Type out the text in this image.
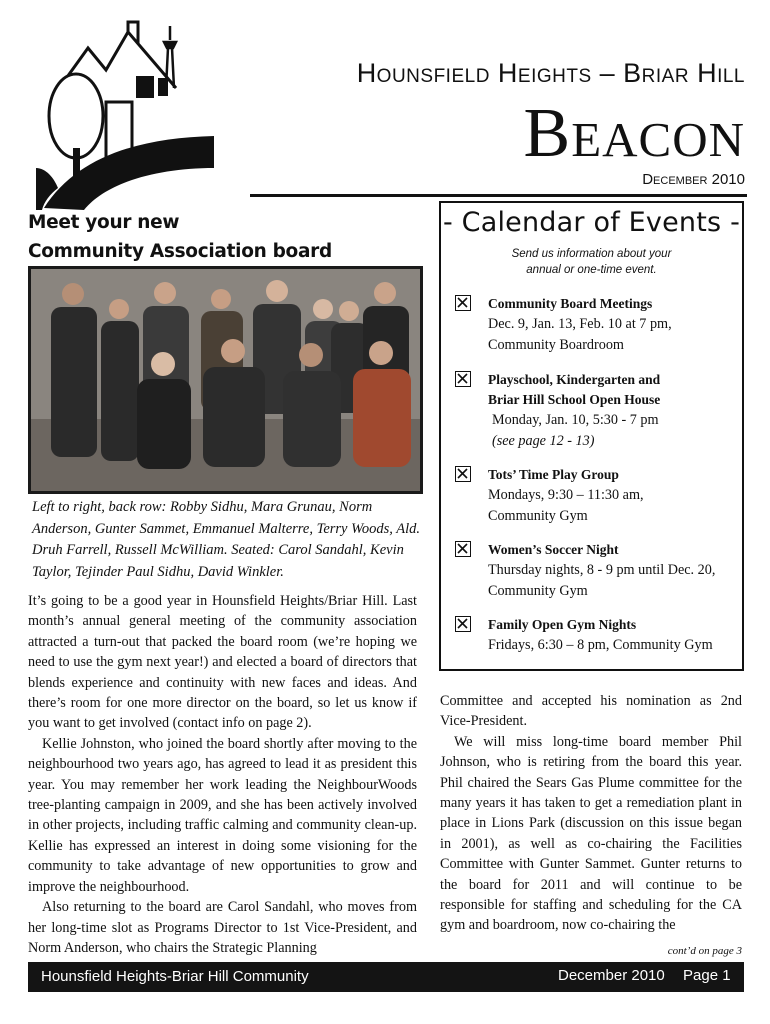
Hounsfield Heights – Briar Hill
Beacon
December 2010
Meet your new
Community Association board
Left to right, back row: Robby Sidhu, Mara Grunau, Norm Anderson, Gunter Sammet, Emmanuel Malterre, Terry Woods, Ald. Druh Farrell, Russell McWilliam. Seated: Carol Sandahl, Kevin Taylor, Tejinder Paul Sidhu, David Winkler.

It’s going to be a good year in Hounsfield Heights/Briar Hill. Last month’s annual general meeting of the community association attracted a turn-out that packed the board room (we’re hoping we need to use the gym next year!) and elected a board of directors that blends experience and continuity with new faces and ideas. And there’s room for one more director on the board, so let us know if you want to get involved (contact info on page 2).

Kellie Johnston, who joined the board shortly after moving to the neighbourhood two years ago, has agreed to lead it as president this year. You may remember her work leading the NeighbourWoods tree-planting campaign in 2009, and she has been actively involved in other projects, including traffic calming and community clean-up. Kellie has expressed an interest in doing some visioning for the community to take advantage of new opportunities to grow and improve the neighbourhood.

Also returning to the board are Carol Sandahl, who moves from her long-time slot as Programs Director to 1st Vice-President, and Norm Anderson, who chairs the Strategic Planning

- Calendar of Events -
Send us information about your
annual or one-time event.
Community Board Meetings
Dec. 9, Jan. 13, Feb. 10 at 7 pm,
Community Boardroom
Playschool, Kindergarten and
Briar Hill School Open House
Monday, Jan. 10, 5:30 - 7 pm
(see page 12 - 13)
Tots’ Time Play Group
Mondays, 9:30 – 11:30 am,
Community Gym
Women’s Soccer Night
Thursday nights, 8 - 9 pm until Dec. 20,
Community Gym
Family Open Gym Nights
Fridays, 6:30 – 8 pm, Community Gym

Committee and accepted his nomination as 2nd Vice-President.

We will miss long-time board member Phil Johnson, who is retiring from the board this year. Phil chaired the Sears Gas Plume committee for the many years it has taken to get a remediation plant in place in Lions Park (discussion on this issue began in 2001), as well as co-chairing the Facilities Committee with Gunter Sammet. Gunter returns to the board for 2011 and will continue to be responsible for staffing and scheduling for the CA gym and boardroom, now co-chairing the

cont’d on page 3
Hounsfield Heights-Briar Hill Community	December 2010 Page 1
